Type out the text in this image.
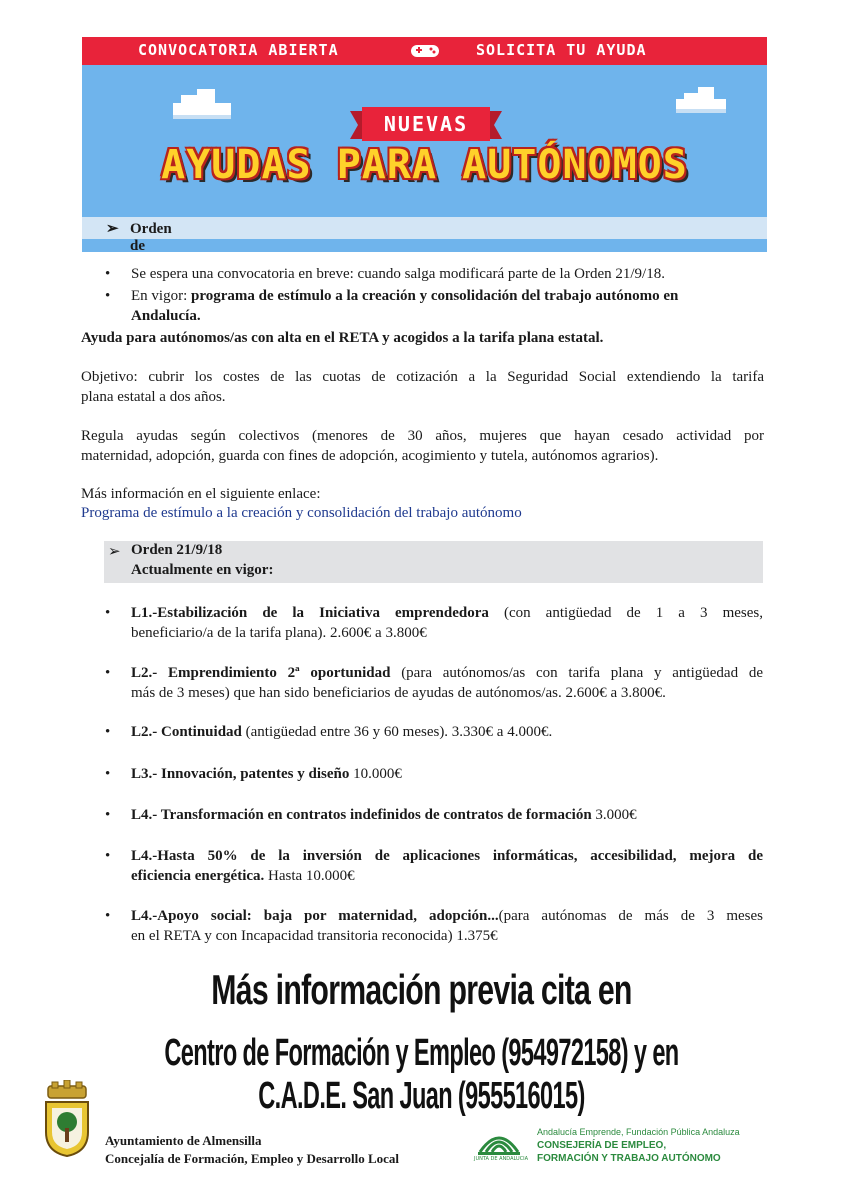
CONVOCATORIA ABIERTA	SOLICITA TU AYUDA
NUEVAS
AYUDAS PARA AUTÓNOMOS
➢ Orden de
• Se espera una convocatoria en breve: cuando salga modificará parte de la Orden 21/9/18.
• En vigor: programa de estímulo a la creación y consolidación del trabajo autónomo en
Andalucía.
Ayuda para autónomos/as con alta en el RETA y acogidos a la tarifa plana estatal.
Objetivo: cubrir los costes de las cuotas de cotización a la Seguridad Social extendiendo la tarifa
plana estatal a dos años.
Regula ayudas según colectivos (menores de 30 años, mujeres que hayan cesado actividad por
maternidad, adopción, guarda con fines de adopción, acogimiento y tutela, autónomos agrarios).
Más información en el siguiente enlace:
Programa de estímulo a la creación y consolidación del trabajo autónomo
➢ Orden 21/9/18
Actualmente en vigor:
• L1.-Estabilización de la Iniciativa emprendedora (con antigüedad de 1 a 3 meses,
beneficiario/a de la tarifa plana). 2.600€ a 3.800€
• L2.- Emprendimiento 2ª oportunidad (para autónomos/as con tarifa plana y antigüedad de
más de 3 meses) que han sido beneficiarios de ayudas de autónomos/as. 2.600€ a 3.800€.
• L2.- Continuidad (antigüedad entre 36 y 60 meses). 3.330€ a 4.000€.
• L3.- Innovación, patentes y diseño 10.000€
• L4.- Transformación en contratos indefinidos de contratos de formación 3.000€
• L4.-Hasta 50% de la inversión de aplicaciones informáticas, accesibilidad, mejora de
eficiencia energética. Hasta 10.000€
• L4.-Apoyo social: baja por maternidad, adopción...(para autónomas de más de 3 meses
en el RETA y con Incapacidad transitoria reconocida) 1.375€
Más información previa cita en
Centro de Formación y Empleo (954972158) y en C.A.D.E. San Juan (955516015)
Ayuntamiento de Almensilla
Concejalía de Formación, Empleo y Desarrollo Local	JUNTA DE ANDALUCIA
Andalucía Emprende, Fundación Pública Andaluza
CONSEJERÍA DE EMPLEO,
FORMACIÓN Y TRABAJO AUTÓNOMO
